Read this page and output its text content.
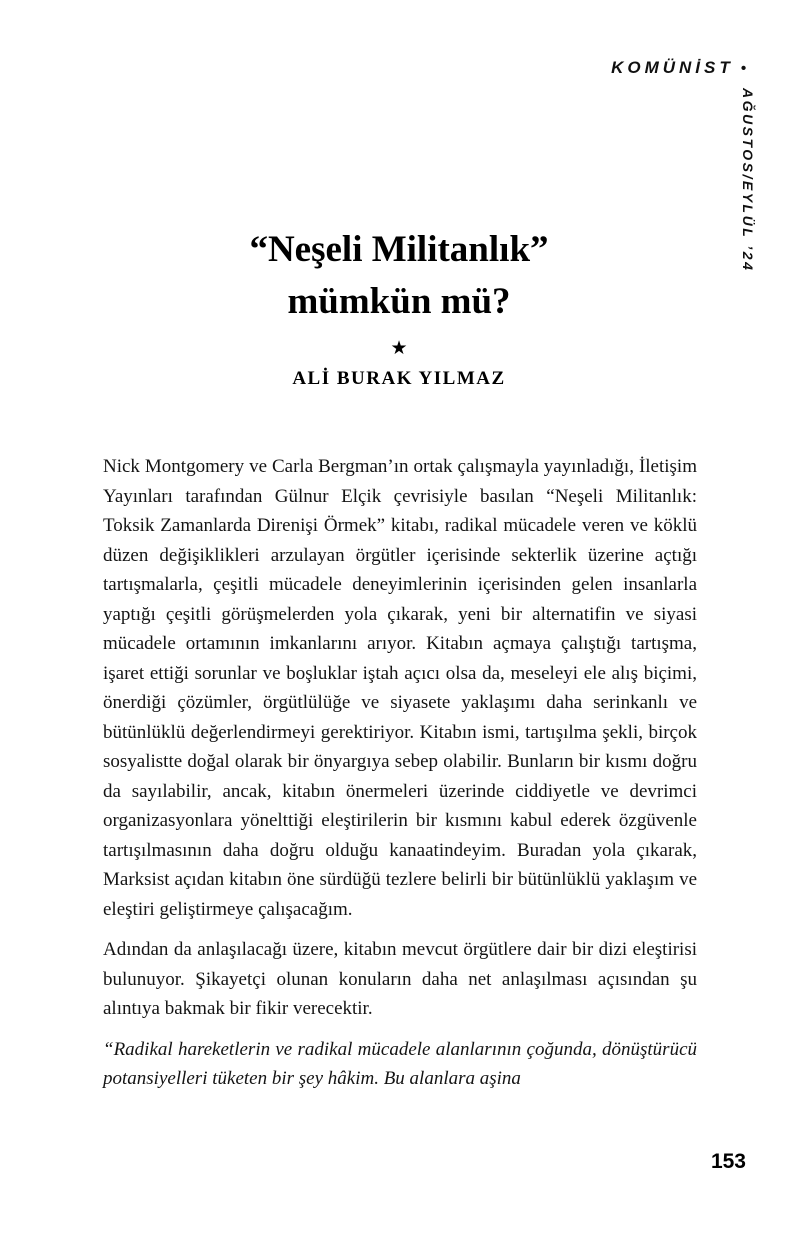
KOMÜNİST •
AĞUSTOS/EYLÜL ’24
“Neşeli Militanlık”
mümkün mü?
★
ALİ BURAK YILMAZ

Nick Montgomery ve Carla Bergman’ın ortak çalışmayla yayınladığı, İletişim Yayınları tarafından Gülnur Elçik çevrisiyle basılan “Neşeli Militanlık: Toksik Zamanlarda Direnişi Örmek” kitabı, radikal mücadele veren ve köklü düzen değişiklikleri arzulayan örgütler içerisinde sekterlik üzerine açtığı tartışmalarla, çeşitli mücadele deneyimlerinin içerisinden gelen insanlarla yaptığı çeşitli görüşmelerden yola çıkarak, yeni bir alternatifin ve siyasi mücadele ortamının imkanlarını arıyor. Kitabın açmaya çalıştığı tartışma, işaret ettiği sorunlar ve boşluklar iştah açıcı olsa da, meseleyi ele alış biçimi, önerdiği çözümler, örgütlülüğe ve siyasete yaklaşımı daha serinkanlı ve bütünlüklü değerlendirmeyi gerektiriyor. Kitabın ismi, tartışılma şekli, birçok sosyalistte doğal olarak bir önyargıya sebep olabilir. Bunların bir kısmı doğru da sayılabilir, ancak, kitabın önermeleri üzerinde ciddiyetle ve devrimci organizasyonlara yönelttiği eleştirilerin bir kısmını kabul ederek özgüvenle tartışılmasının daha doğru olduğu kanaatindeyim. Buradan yola çıkarak, Marksist açıdan kitabın öne sürdüğü tezlere belirli bir bütünlüklü yaklaşım ve eleştiri geliştirmeye çalışacağım.

Adından da anlaşılacağı üzere, kitabın mevcut örgütlere dair bir dizi eleştirisi bulunuyor. Şikayetçi olunan konuların daha net anlaşılması açısından şu alıntıya bakmak bir fikir verecektir.

“Radikal hareketlerin ve radikal mücadele alanlarının çoğunda, dönüştürücü potansiyelleri tüketen bir şey hâkim. Bu alanlara aşina

153
